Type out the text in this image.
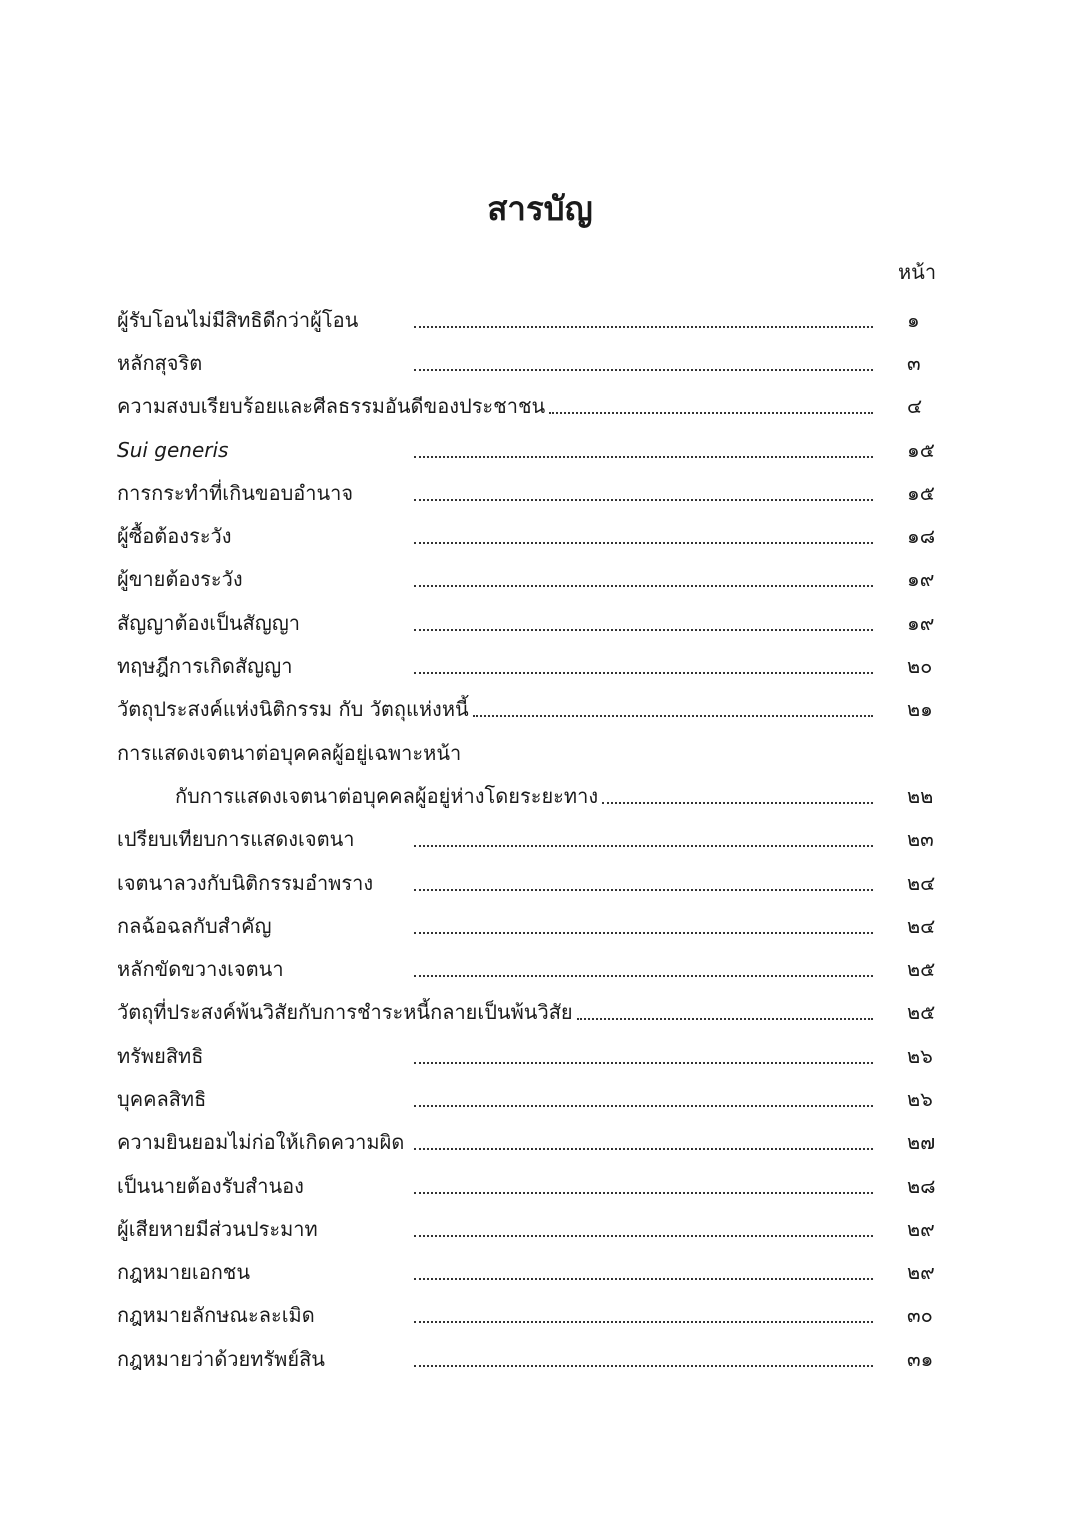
สารบัญ
หน้า
ผู้รับโอนไม่มีสิทธิดีกว่าผู้โอน	๑
หลักสุจริต	๓
ความสงบเรียบร้อยและศีลธรรมอันดีของประชาชน	๔
Sui generis	๑๕
การกระทำที่เกินขอบอำนาจ	๑๕
ผู้ซื้อต้องระวัง	๑๘
ผู้ขายต้องระวัง	๑๙
สัญญาต้องเป็นสัญญา	๑๙
ทฤษฎีการเกิดสัญญา	๒๐
วัตถุประสงค์แห่งนิติกรรม กับ วัตถุแห่งหนี้	๒๑
การแสดงเจตนาต่อบุคคลผู้อยู่เฉพาะหน้า
กับการแสดงเจตนาต่อบุคคลผู้อยู่ห่างโดยระยะทาง	๒๒
เปรียบเทียบการแสดงเจตนา	๒๓
เจตนาลวงกับนิติกรรมอำพราง	๒๔
กลฉ้อฉลกับสำคัญ	๒๔
หลักขัดขวางเจตนา	๒๕
วัตถุที่ประสงค์พ้นวิสัยกับการชำระหนี้กลายเป็นพ้นวิสัย	๒๕
ทรัพยสิทธิ	๒๖
บุคคลสิทธิ	๒๖
ความยินยอมไม่ก่อให้เกิดความผิด	๒๗
เป็นนายต้องรับสำนอง	๒๘
ผู้เสียหายมีส่วนประมาท	๒๙
กฎหมายเอกชน	๒๙
กฎหมายลักษณะละเมิด	๓๐
กฎหมายว่าด้วยทรัพย์สิน	๓๑
